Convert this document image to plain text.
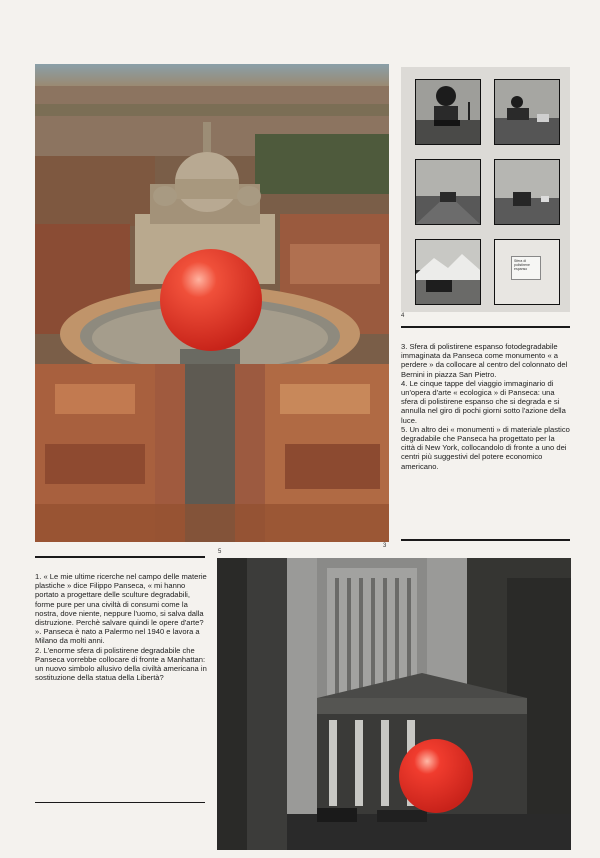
3
Sfera di polistirene espanso
4

3. Sfera di polistirene espanso fotodegradabile immaginata da Panseca come monumento « a perdere » da collocare al centro del colonnato del Bernini in piazza San Pietro.

4. Le cinque tappe del viaggio immaginario di un'opera d'arte « ecologica » di Panseca: una sfera di polistirene espanso che si degrada e si annulla nel giro di pochi giorni sotto l'azione della luce.

5. Un altro dei « monumenti » di materiale plastico degradabile che Panseca ha progettato per la città di New York, collocandolo di fronte a uno dei centri più suggestivi del potere economico americano.

1. « Le mie ultime ricerche nel campo delle materie plastiche » dice Filippo Panseca, « mi hanno portato a progettare delle sculture degradabili, forme pure per una civiltà di consumi come la nostra, dove niente, neppure l'uomo, si salva dalla distruzione. Perchè salvare quindi le opere d'arte? ». Panseca è nato a Palermo nel 1940 e lavora a Milano da molti anni.

2. L'enorme sfera di polistirene degradabile che Panseca vorrebbe collocare di fronte a Manhattan: un nuovo simbolo allusivo della civiltà americana in sostituzione della statua della Libertà?

5
